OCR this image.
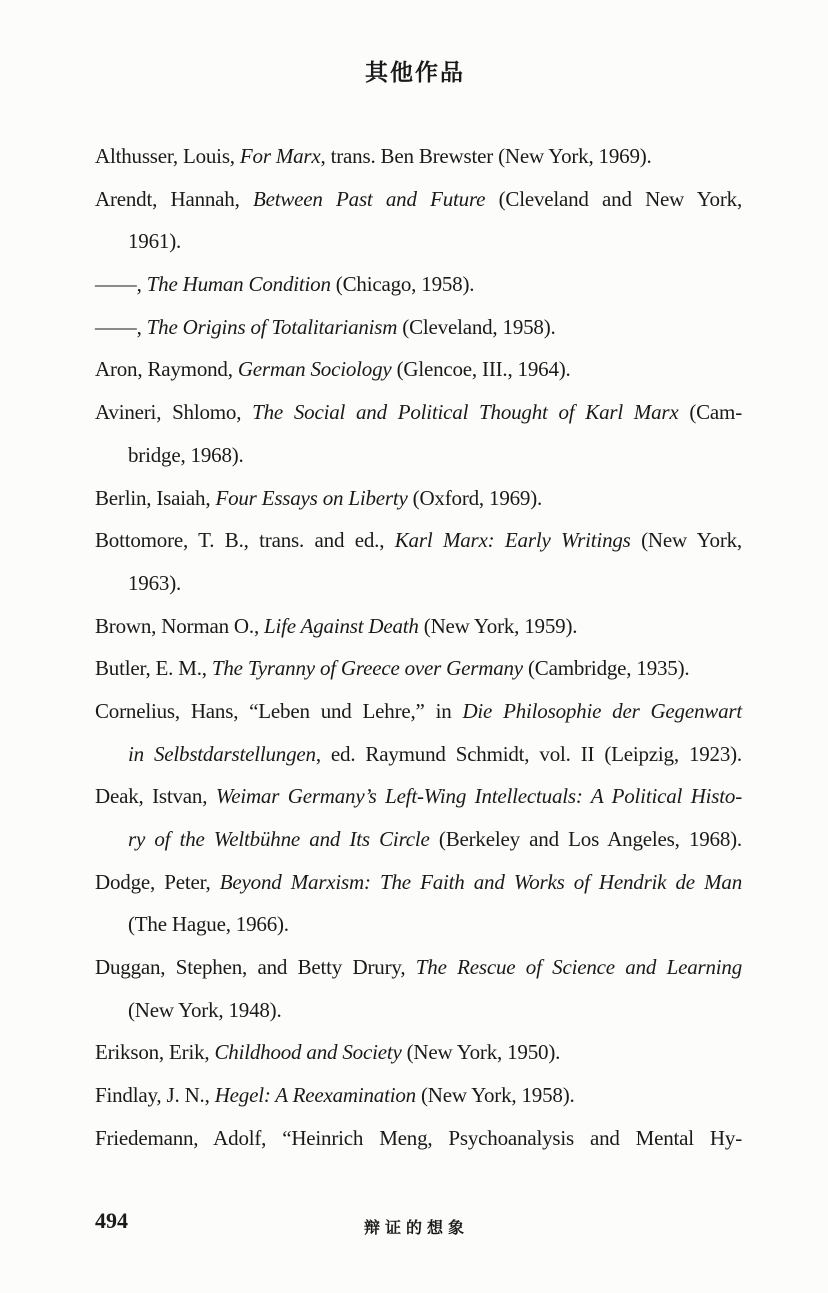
其他作品
Althusser, Louis, For Marx, trans. Ben Brewster (New York, 1969).
Arendt, Hannah, Between Past and Future (Cleveland and New York,
1961).
——, The Human Condition (Chicago, 1958).
——, The Origins of Totalitarianism (Cleveland, 1958).
Aron, Raymond, German Sociology (Glencoe, III., 1964).
Avineri, Shlomo, The Social and Political Thought of Karl Marx (Cam-
bridge, 1968).
Berlin, Isaiah, Four Essays on Liberty (Oxford, 1969).
Bottomore, T. B., trans. and ed., Karl Marx: Early Writings (New York,
1963).
Brown, Norman O., Life Against Death (New York, 1959).
Butler, E. M., The Tyranny of Greece over Germany (Cambridge, 1935).
Cornelius, Hans, “Leben und Lehre,” in Die Philosophie der Gegenwart
in Selbstdarstellungen, ed. Raymund Schmidt, vol. II (Leipzig, 1923).
Deak, Istvan, Weimar Germany’s Left-Wing Intellectuals: A Political Histo-
ry of the Weltbühne and Its Circle (Berkeley and Los Angeles, 1968).
Dodge, Peter, Beyond Marxism: The Faith and Works of Hendrik de Man
(The Hague, 1966).
Duggan, Stephen, and Betty Drury, The Rescue of Science and Learning
(New York, 1948).
Erikson, Erik, Childhood and Society (New York, 1950).
Findlay, J. N., Hegel: A Reexamination (New York, 1958).
Friedemann, Adolf, “Heinrich Meng, Psychoanalysis and Mental Hy-
494	辩证的想象
